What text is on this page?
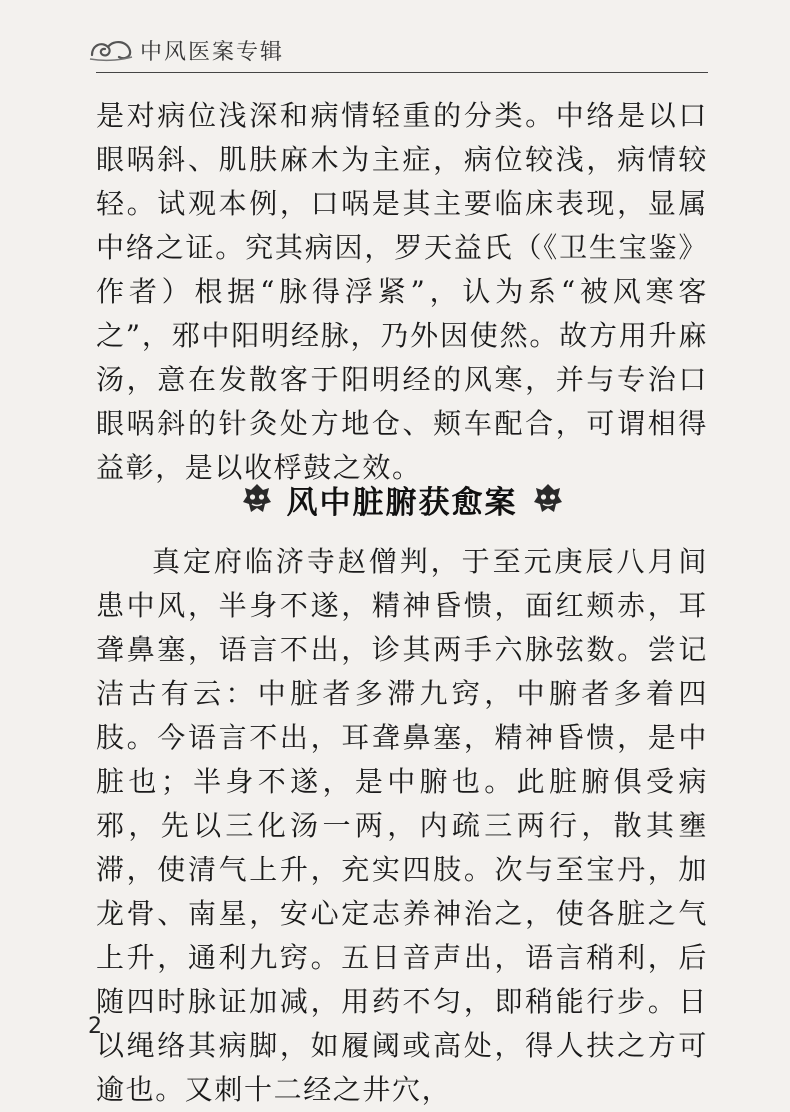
中风医案专辑

是对病位浅深和病情轻重的分类。中络是以口眼㖞斜、肌肤麻木为主症，病位较浅，病情较轻。试观本例，口㖞是其主要临床表现，显属中络之证。究其病因，罗天益氏（《卫生宝鉴》作者）根据“脉得浮紧”，认为系“被风寒客之”，邪中阳明经脉，乃外因使然。故方用升麻汤，意在发散客于阳明经的风寒，并与专治口眼㖞斜的针灸处方地仓、颊车配合，可谓相得益彰，是以收桴鼓之效。

风中脏腑获愈案

真定府临济寺赵僧判，于至元庚辰八月间患中风，半身不遂，精神昏愦，面红颊赤，耳聋鼻塞，语言不出，诊其两手六脉弦数。尝记洁古有云：中脏者多滞九窍，中腑者多着四肢。今语言不出，耳聋鼻塞，精神昏愦，是中脏也；半身不遂，是中腑也。此脏腑俱受病邪，先以三化汤一两，内疏三两行，散其壅滞，使清气上升，充实四肢。次与至宝丹，加龙骨、南星，安心定志养神治之，使各脏之气上升，通利九窍。五日音声出，语言稍利，后随四时脉证加减，用药不匀，即稍能行步。日以绳络其病脚，如履阈或高处，得人扶之方可逾也。又刺十二经之井穴，

2
